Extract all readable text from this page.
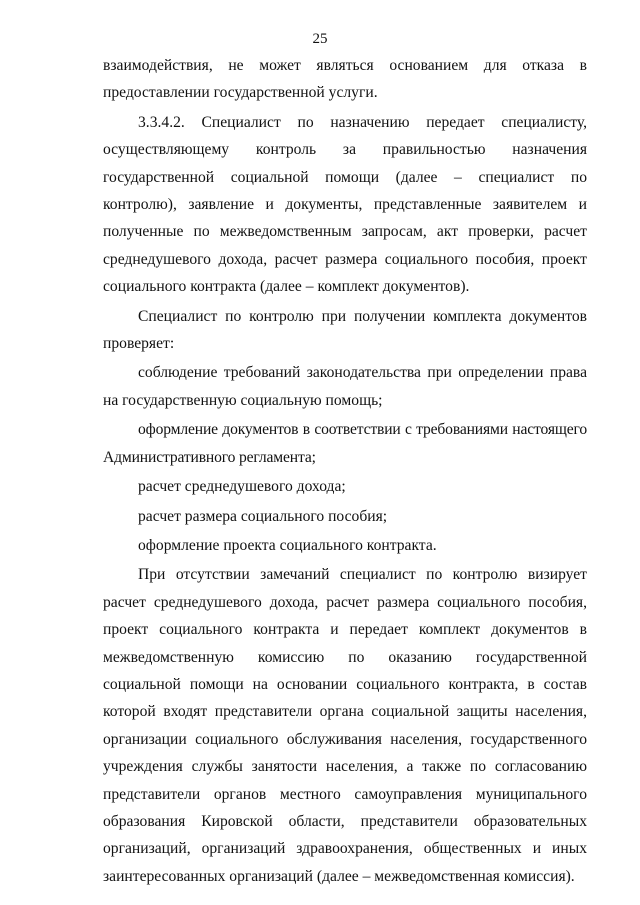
25

взаимодействия, не может являться основанием для отказа в предоставлении государственной услуги.

3.3.4.2. Специалист по назначению передает специалисту, осуществляющему контроль за правильностью назначения государственной социальной помощи (далее – специалист по контролю), заявление и документы, представленные заявителем и полученные по межведомственным запросам, акт проверки, расчет среднедушевого дохода, расчет размера социального пособия, проект социального контракта (далее – комплект документов).

Специалист по контролю при получении комплекта документов проверяет:

соблюдение требований законодательства при определении права на государственную социальную помощь;

оформление документов в соответствии с требованиями настоящего Административного регламента;

расчет среднедушевого дохода;

расчет размера социального пособия;

оформление проекта социального контракта.

При отсутствии замечаний специалист по контролю визирует расчет среднедушевого дохода, расчет размера социального пособия, проект социального контракта и передает комплект документов в межведомственную комиссию по оказанию государственной социальной помощи на основании социального контракта, в состав которой входят представители органа социальной защиты населения, организации социального обслуживания населения, государственного учреждения службы занятости населения, а также по согласованию представители органов местного самоуправления муниципального образования Кировской области, представители образовательных организаций, организаций здравоохранения, общественных и иных заинтересованных организаций (далее – межведомственная комиссия).
